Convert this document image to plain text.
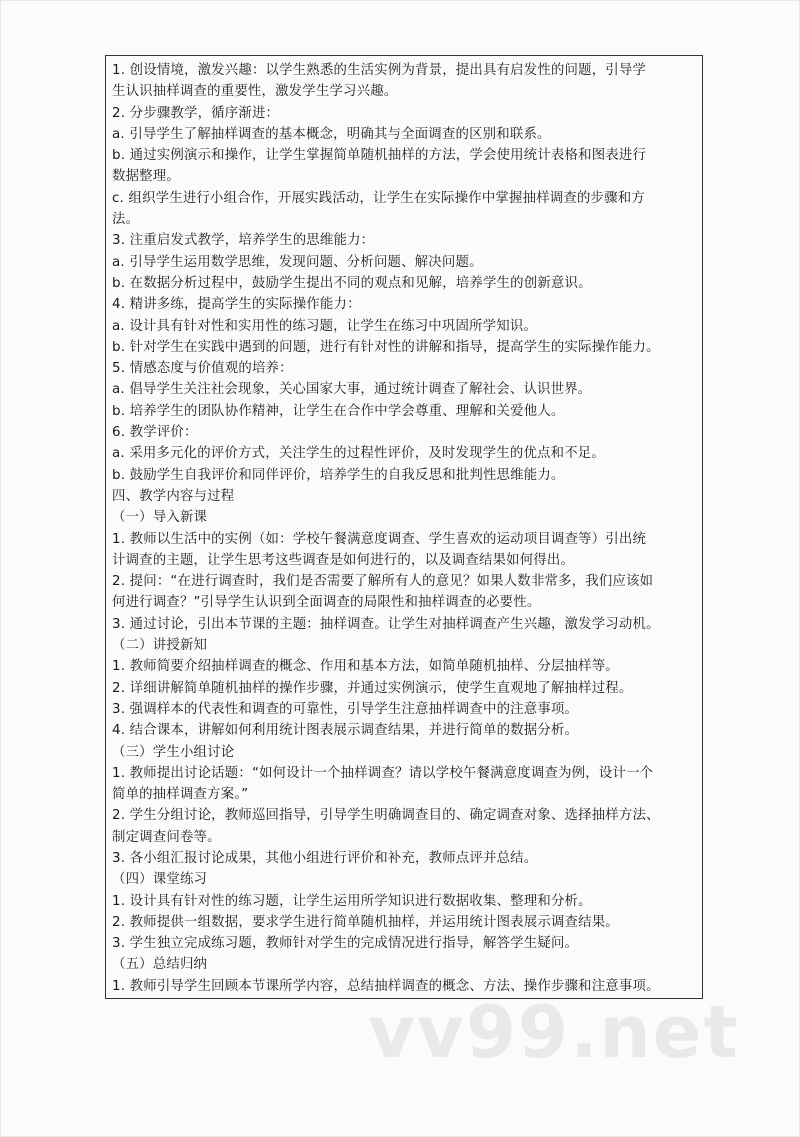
1. 创设情境，激发兴趣：以学生熟悉的生活实例为背景，提出具有启发性的问题，引导学

生认识抽样调查的重要性，激发学生学习兴趣。

2. 分步骤教学，循序渐进：

a. 引导学生了解抽样调查的基本概念，明确其与全面调查的区别和联系。

b. 通过实例演示和操作，让学生掌握简单随机抽样的方法，学会使用统计表格和图表进行

数据整理。

c. 组织学生进行小组合作，开展实践活动，让学生在实际操作中掌握抽样调查的步骤和方

法。

3. 注重启发式教学，培养学生的思维能力：

a. 引导学生运用数学思维，发现问题、分析问题、解决问题。

b. 在数据分析过程中，鼓励学生提出不同的观点和见解，培养学生的创新意识。

4. 精讲多练，提高学生的实际操作能力：

a. 设计具有针对性和实用性的练习题，让学生在练习中巩固所学知识。

b. 针对学生在实践中遇到的问题，进行有针对性的讲解和指导，提高学生的实际操作能力。

5. 情感态度与价值观的培养：

a. 倡导学生关注社会现象，关心国家大事，通过统计调查了解社会、认识世界。

b. 培养学生的团队协作精神，让学生在合作中学会尊重、理解和关爱他人。

6. 教学评价：

a. 采用多元化的评价方式，关注学生的过程性评价，及时发现学生的优点和不足。

b. 鼓励学生自我评价和同伴评价，培养学生的自我反思和批判性思维能力。

四、教学内容与过程

（一）导入新课

1. 教师以生活中的实例（如：学校午餐满意度调查、学生喜欢的运动项目调查等）引出统

计调查的主题，让学生思考这些调查是如何进行的，以及调查结果如何得出。

2. 提问：“在进行调查时，我们是否需要了解所有人的意见？如果人数非常多，我们应该如

何进行调查？”引导学生认识到全面调查的局限性和抽样调查的必要性。

3. 通过讨论，引出本节课的主题：抽样调查。让学生对抽样调查产生兴趣，激发学习动机。

（二）讲授新知

1. 教师简要介绍抽样调查的概念、作用和基本方法，如简单随机抽样、分层抽样等。

2. 详细讲解简单随机抽样的操作步骤，并通过实例演示，使学生直观地了解抽样过程。

3. 强调样本的代表性和调查的可靠性，引导学生注意抽样调查中的注意事项。

4. 结合课本，讲解如何利用统计图表展示调查结果，并进行简单的数据分析。

（三）学生小组讨论

1. 教师提出讨论话题：“如何设计一个抽样调查？请以学校午餐满意度调查为例，设计一个

简单的抽样调查方案。”

2. 学生分组讨论，教师巡回指导，引导学生明确调查目的、确定调查对象、选择抽样方法、

制定调查问卷等。

3. 各小组汇报讨论成果，其他小组进行评价和补充，教师点评并总结。

（四）课堂练习

1. 设计具有针对性的练习题，让学生运用所学知识进行数据收集、整理和分析。

2. 教师提供一组数据，要求学生进行简单随机抽样，并运用统计图表展示调查结果。

3. 学生独立完成练习题，教师针对学生的完成情况进行指导，解答学生疑问。

（五）总结归纳

1. 教师引导学生回顾本节课所学内容，总结抽样调查的概念、方法、操作步骤和注意事项。

vv99.net
